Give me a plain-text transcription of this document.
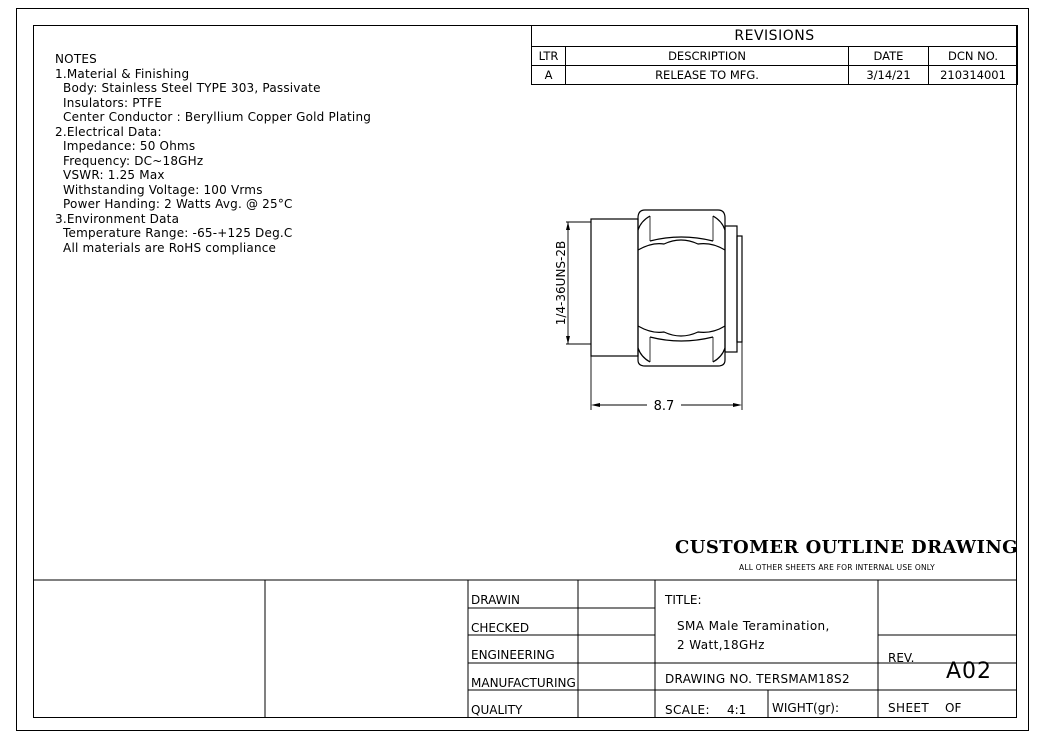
NOTES
1.Material & Finishing
Body: Stainless Steel TYPE 303, Passivate
Insulators: PTFE
Center Conductor : Beryllium Copper Gold Plating
2.Electrical Data:
Impedance: 50 Ohms
Frequency: DC~18GHz
VSWR: 1.25 Max
Withstanding Voltage: 100 Vrms
Power Handing: 2 Watts Avg. @ 25°C
3.Environment Data
Temperature Range: -65-+125 Deg.C
All materials are RoHS compliance
REVISIONS			
LTR	DESCRIPTION	DATE	DCN NO.
A	RELEASE TO MFG.	3/14/21	210314001
1/4-36UNS-2B
8.7
CUSTOMER OUTLINE DRAWING
ALL OTHER SHEETS ARE FOR INTERNAL USE ONLY
DRAWIN
CHECKED
ENGINEERING
MANUFACTURING
QUALITY
TITLE:
SMA Male Teramination,
2 Watt,18GHz
DRAWING NO. TERSMAM18S2
SCALE: 4:1 WIGHT(gr):
REV.
A02
SHEET OF
